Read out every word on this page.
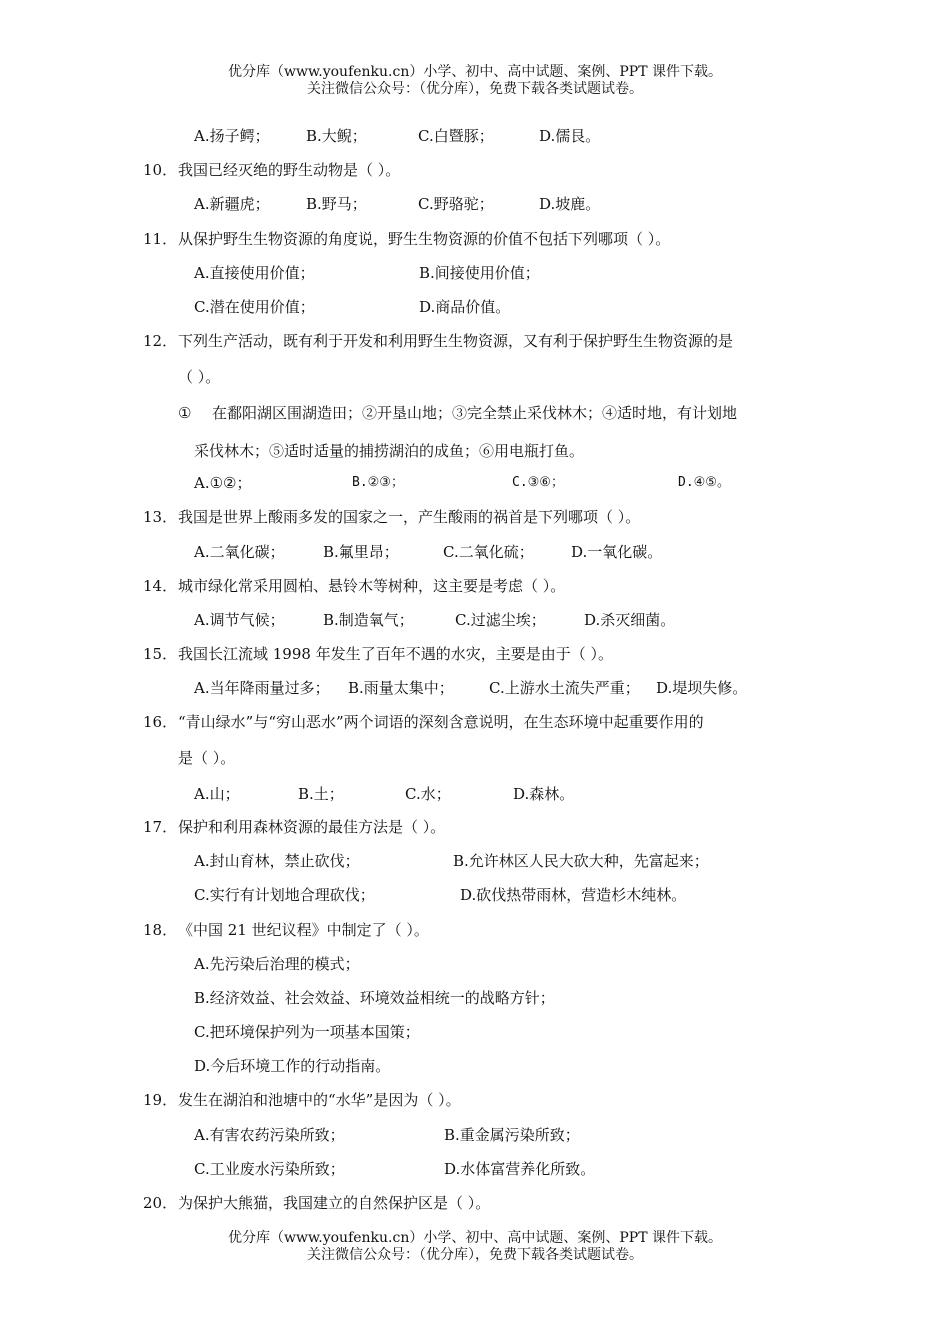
优分库（www.youfenku.cn）小学、初中、高中试题、案例、PPT 课件下载。
关注微信公众号：（优分库），免费下载各类试题试卷。
A.扬子鳄； B.大鲵；	C.白暨豚；	D.儒艮。
10． 我国已经灭绝的野生动物是（ ）。
A.新疆虎； B.野马；	C.野骆驼；	D.坡鹿。
11． 从保护野生生物资源的角度说，野生生物资源的价值不包括下列哪项（ ）。
A.直接使用价值；	B.间接使用价值；
C.潜在使用价值；	D.商品价值。
12． 下列生产活动，既有利于开发和利用野生生物资源，又有利于保护野生生物资源的是
（ ）。
① 在鄱阳湖区围湖造田；②开垦山地；③完全禁止采伐林木；④适时地，有计划地
采伐林木；⑤适时适量的捕捞湖泊的成鱼；⑥用电瓶打鱼。
A.①②；	B.②③；	C.③⑥；	D.④⑤。
13． 我国是世界上酸雨多发的国家之一，产生酸雨的祸首是下列哪项（ ）。
A.二氧化碳；	B.氟里昂；	C.二氧化硫； D.一氧化碳。
14． 城市绿化常采用圆柏、悬铃木等树种，这主要是考虑（ ）。
A.调节气候；	B.制造氧气；	C.过滤尘埃；	D.杀灭细菌。
15． 我国长江流域 1998 年发生了百年不遇的水灾，主要是由于（ ）。
A.当年降雨量过多； B.雨量太集中； C.上游水土流失严重； D.堤坝失修。
16． “青山绿水”与“穷山恶水”两个词语的深刻含意说明，在生态环境中起重要作用的
是（ ）。
A.山；	B.土；	C.水；	D.森林。
17． 保护和利用森林资源的最佳方法是（ ）。
A.封山育林，禁止砍伐；	B.允许林区人民大砍大种，先富起来；
C.实行有计划地合理砍伐；	D.砍伐热带雨林，营造杉木纯林。
18． 《中国 21 世纪议程》中制定了（ ）。
A.先污染后治理的模式；
B.经济效益、社会效益、环境效益相统一的战略方针；
C.把环境保护列为一项基本国策；
D.今后环境工作的行动指南。
19． 发生在湖泊和池塘中的“水华”是因为（ ）。
A.有害农药污染所致；	B.重金属污染所致；
C.工业废水污染所致；	D.水体富营养化所致。
20． 为保护大熊猫，我国建立的自然保护区是（ ）。
优分库（www.youfenku.cn）小学、初中、高中试题、案例、PPT 课件下载。
关注微信公众号：（优分库），免费下载各类试题试卷。
